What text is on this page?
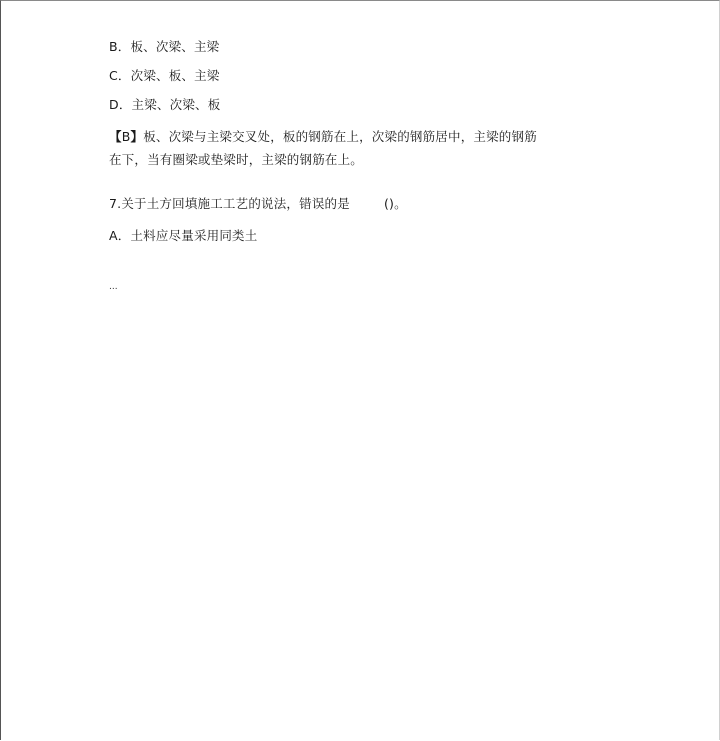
B．板、次梁、主梁
C．次梁、板、主梁
D．主梁、次梁、板
【B】板、次梁与主梁交叉处，板的钢筋在上，次梁的钢筋居中，主梁的钢筋
在下，当有圈梁或垫梁时，主梁的钢筋在上。
7.关于土方回填施工工艺的说法，错误的是	()。
A．土料应尽量采用同类土
...
